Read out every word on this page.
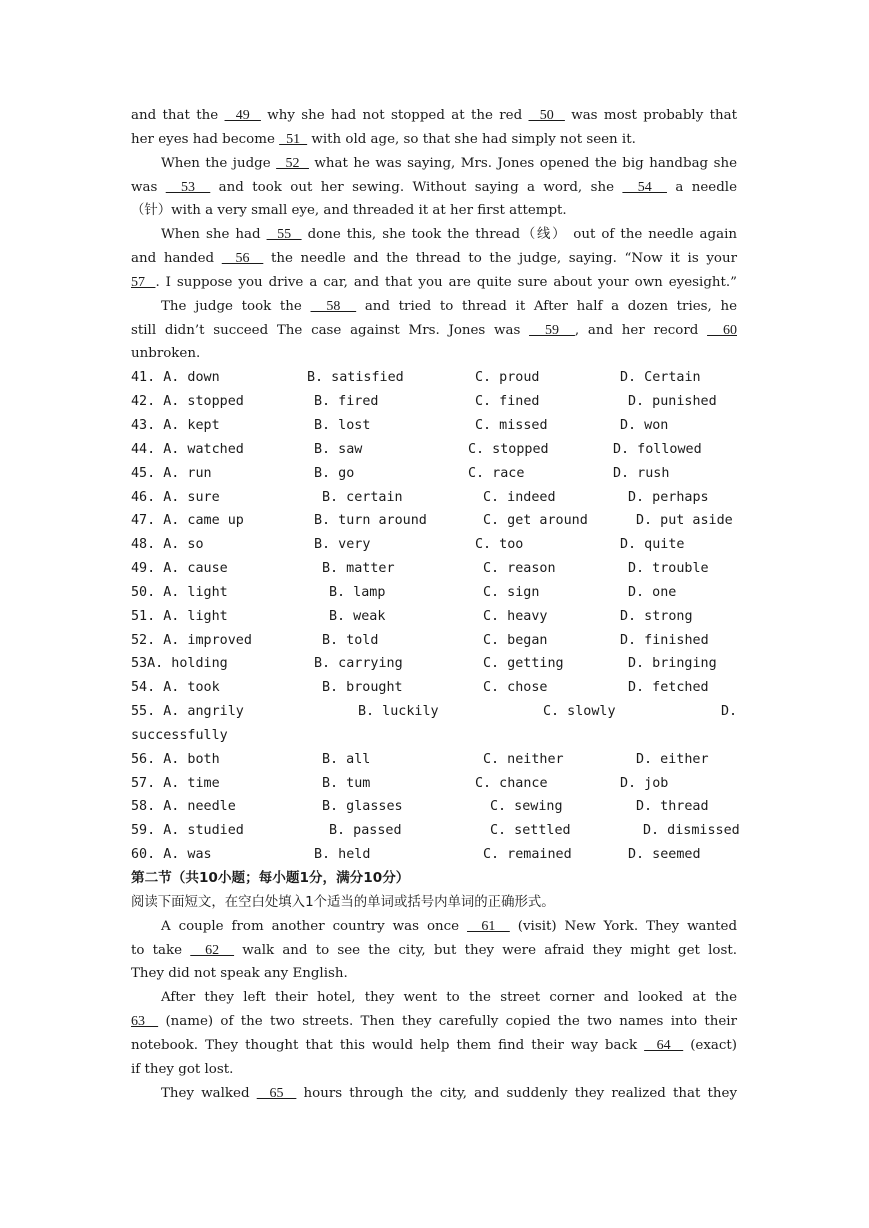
and that the   49   why she had not stopped at the red   50   was most probably that

her eyes had become   51   with old age, so that she had simply not seen it.

When the judge   52   what he was saying, Mrs. Jones opened the big handbag she

was   53   and took out her sewing. Without saying a word, she   54   a needle

（针）with a very small eye, and threaded it at her first attempt.

When she had   55   done this, she took the thread（线） out of the needle again

and handed   56   the needle and the thread to the judge, saying. “Now it is your

57  . I suppose you drive a car, and that you are quite sure about your own eyesight.”

The judge took the   58   and tried to thread it After half a dozen tries, he

still didn’t succeed The case against Mrs. Jones was   59  , and her record   60

unbroken.

41. A. down	B. satisfied	C. proud	D. Certain
42. A. stopped	B. fired	C. fined	D. punished
43. A. kept	B. lost	C. missed	D. won
44. A. watched	B. saw	C. stopped	D. followed
45. A. run	B. go	C. race	D. rush
46. A. sure	B. certain	C. indeed	D. perhaps
47. A. came up	B. turn around	C. get around	D. put aside
48. A. so	B. very	C. too	D. quite
49. A. cause	B. matter	C. reason	D. trouble
50. A. light	B. lamp	C. sign	D. one
51. A. light	B. weak	C. heavy	D. strong
52. A. improved	B. told	C. began	D. finished
53A. holding	B. carrying	C. getting	D. bringing
54. A. took	B. brought	C. chose	D. fetched
55. A. angrily	B. luckily	C. slowly	D.
successfully
56. A. both	B. all	C. neither	D. either
57. A. time	B. tum	C. chance	D. job
58. A. needle	B. glasses	C. sewing	D. thread
59. A. studied	B. passed	C. settled	D. dismissed
60. A. was	B. held	C. remained	D. seemed

第二节（共10小题；每小题1分，满分10分）

阅读下面短文，在空白处填入1个适当的单词或括号内单词的正确形式。

A couple from another country was once   61   (visit) New York. They wanted

to take   62   walk and to see the city, but they were afraid they might get lost.

They did not speak any English.

After they left their hotel, they went to the street corner and looked at the

63   (name) of the two streets. Then they carefully copied the two names into their

notebook. They thought that this would help them find their way back   64   (exact)

if they got lost.

They walked   65   hours through the city, and suddenly they realized that they
